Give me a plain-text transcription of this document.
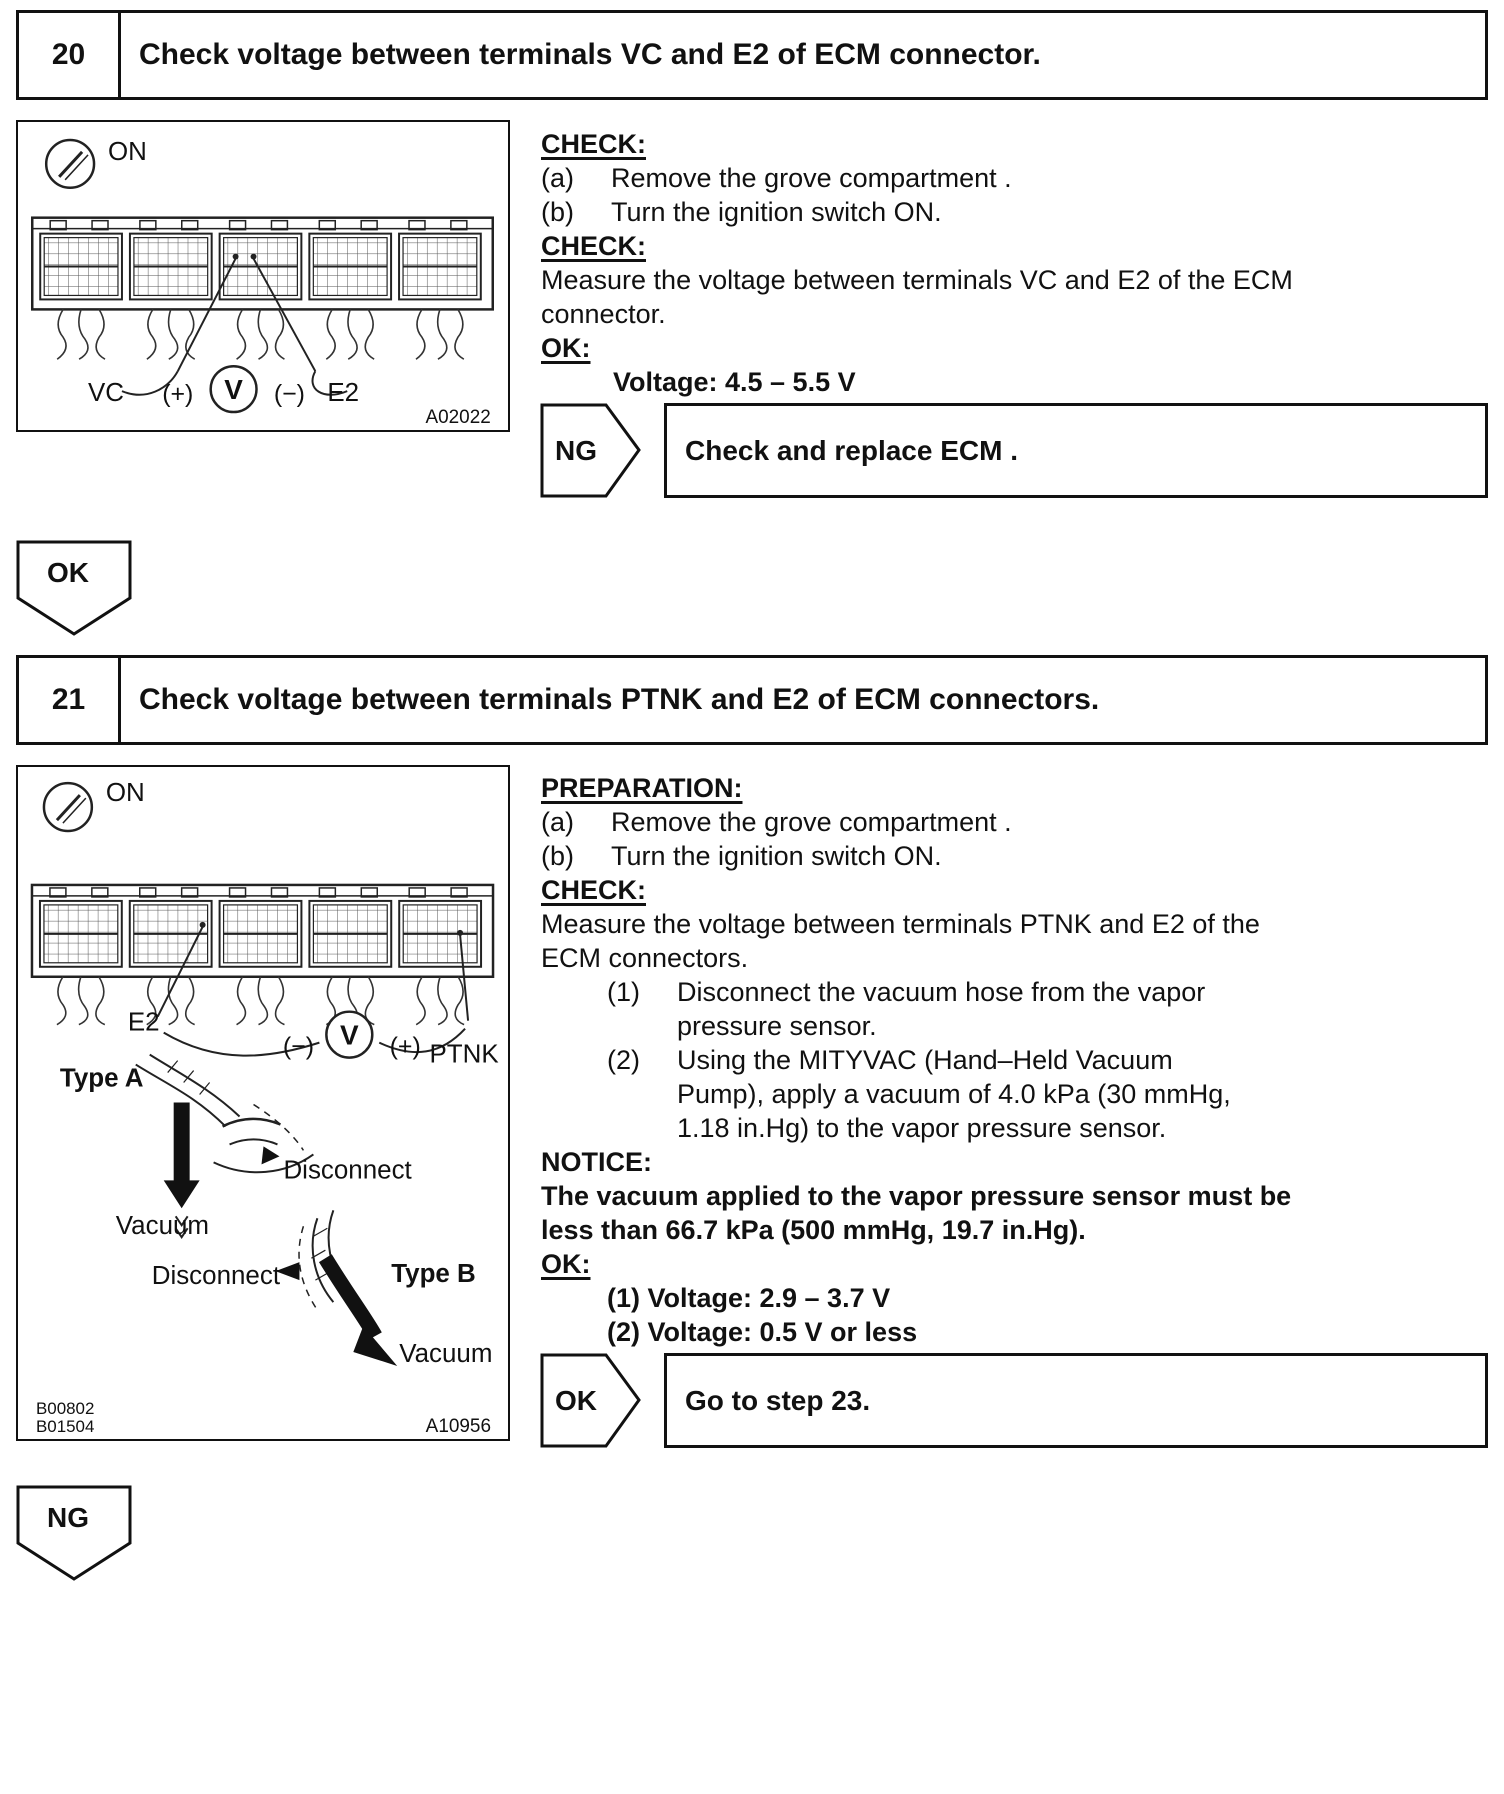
20	Check voltage between terminals VC and E2 of ECM connector.
ON
V
VC (+)	(−) E2
A02022
CHECK:
(a)	Remove the grove compartment .
(b)	Turn the ignition switch ON.
CHECK:
Measure the voltage between terminals VC and E2 of the ECM connector.
OK:
Voltage: 4.5 – 5.5 V
NG	Check and replace ECM .
OK
21	Check voltage between terminals PTNK and E2 of ECM connectors.
ON
V
E2
(−)	(+) PTNK
Type A
Disconnect
Vacuum
Disconnect	Type B
Vacuum
B00802
B01504	A10956
PREPARATION:
(a)	Remove the grove compartment .
(b)	Turn the ignition switch ON.
CHECK:
Measure the voltage between terminals PTNK and E2 of the ECM connectors.
(1)	Disconnect the vacuum hose from the vapor pressure sensor.
(2)	Using the MITYVAC (Hand–Held Vacuum Pump), apply a vacuum of 4.0 kPa (30 mmHg, 1.18 in.Hg) to the vapor pressure sensor.
NOTICE:
The vacuum applied to the vapor pressure sensor must be less than 66.7 kPa (500 mmHg, 19.7 in.Hg).
OK:
(1) Voltage: 2.9 – 3.7 V
(2) Voltage: 0.5 V or less
OK	Go to step 23.
NG
